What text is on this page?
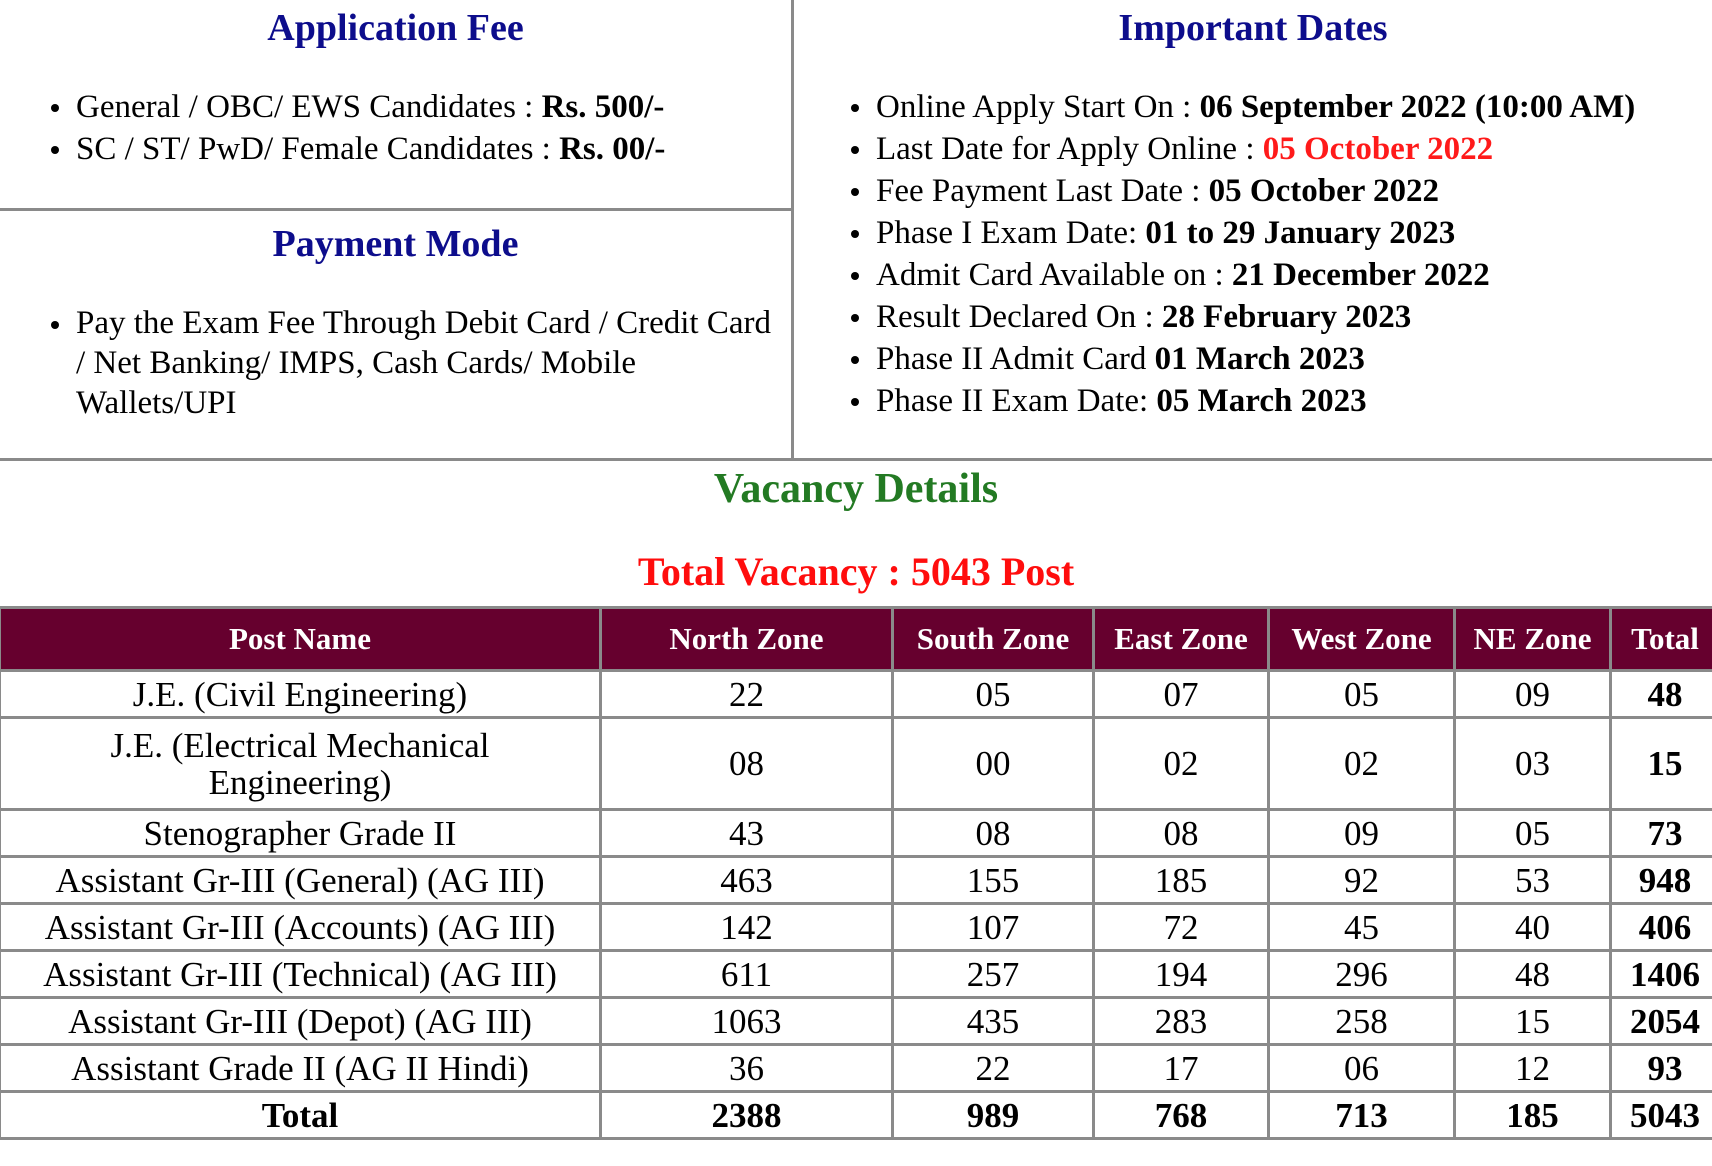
Application Fee
General / OBC/ EWS Candidates : Rs. 500/-
SC / ST/ PwD/ Female Candidates : Rs. 00/-
Payment Mode
Pay the Exam Fee Through Debit Card / Credit Card / Net Banking/ IMPS, Cash Cards/ Mobile Wallets/UPI
Important Dates
Online Apply Start On : 06 September 2022 (10:00 AM)
Last Date for Apply Online : 05 October 2022
Fee Payment Last Date : 05 October 2022
Phase I Exam Date: 01 to 29 January 2023
Admit Card Available on : 21 December 2022
Result Declared On : 28 February 2023
Phase II Admit Card 01 March 2023
Phase II Exam Date: 05 March 2023
Vacancy Details
Total Vacancy : 5043 Post
Post Name	North Zone	South Zone	East Zone	West Zone	NE Zone	Total
J.E. (Civil Engineering)	22	05	07	05	09	48
J.E. (Electrical Mechanical Engineering)	08	00	02	02	03	15
Stenographer Grade II	43	08	08	09	05	73
Assistant Gr-III (General) (AG III)	463	155	185	92	53	948
Assistant Gr-III (Accounts) (AG III)	142	107	72	45	40	406
Assistant Gr-III (Technical) (AG III)	611	257	194	296	48	1406
Assistant Gr-III (Depot) (AG III)	1063	435	283	258	15	2054
Assistant Grade II (AG II Hindi)	36	22	17	06	12	93
Total	2388	989	768	713	185	5043
